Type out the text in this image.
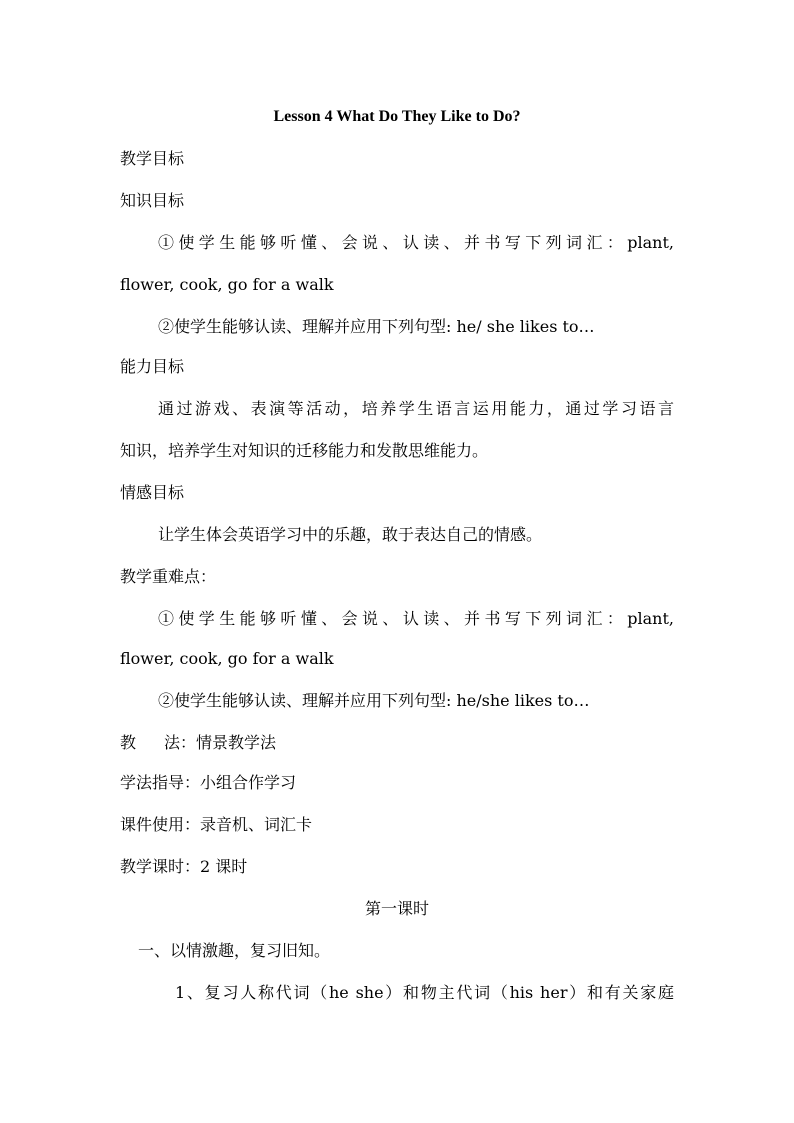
Lesson 4 What Do They Like to Do?
教学目标
知识目标
①使学生能够听懂、会说、认读、并书写下列词汇：plant,
flower, cook, go for a walk
②使学生能够认读、理解并应用下列句型: he/ she likes to…
能力目标
通过游戏、表演等活动，培养学生语言运用能力，通过学习语言
知识，培养学生对知识的迁移能力和发散思维能力。
情感目标
让学生体会英语学习中的乐趣，敢于表达自己的情感。
教学重难点：
①使学生能够听懂、会说、认读、并书写下列词汇：plant,
flower, cook, go for a walk
②使学生能够认读、理解并应用下列句型: he/she likes to…
教 法：情景教学法
学法指导：小组合作学习
课件使用：录音机、词汇卡
教学课时：2 课时
第一课时
一、以情激趣，复习旧知。
1、复习人称代词（he she）和物主代词（his her）和有关家庭
